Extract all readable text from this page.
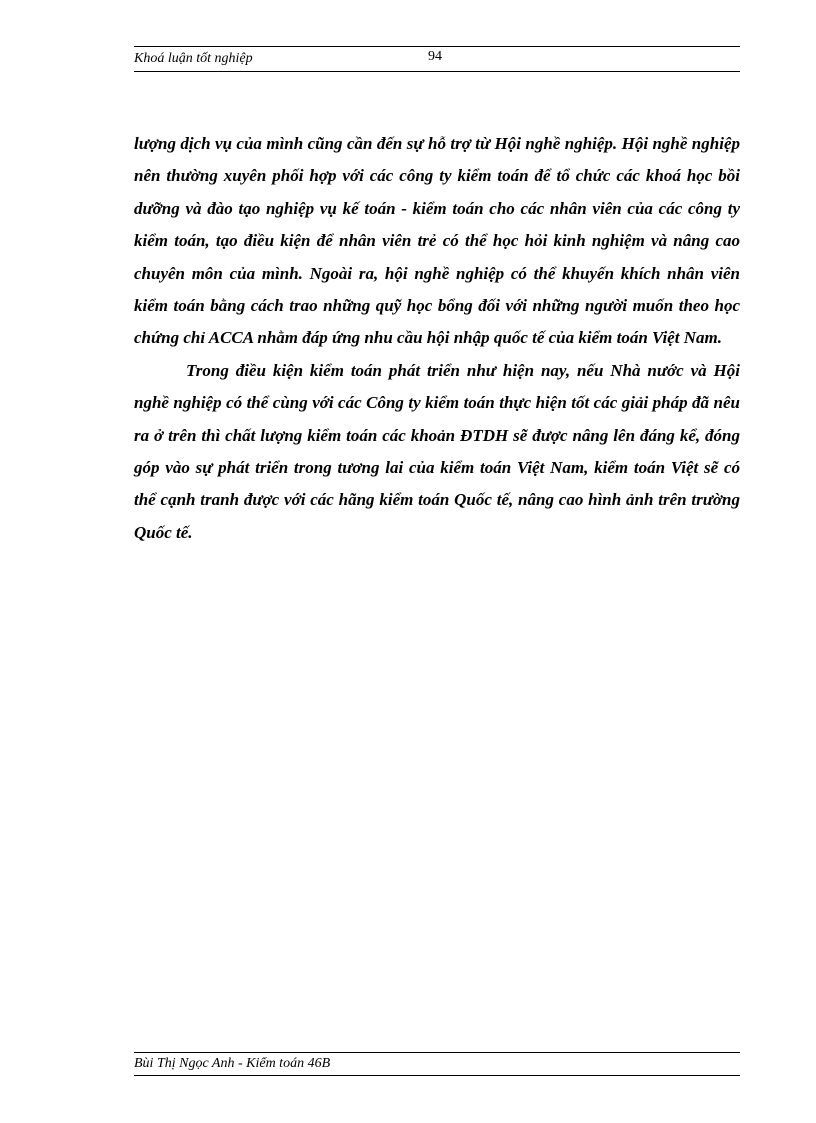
Khoá luận tốt nghiệp	94

lượng dịch vụ của mình cũng cần đến sự hỗ trợ từ Hội nghề nghiệp. Hội nghề nghiệp nên thường xuyên phối hợp với các công ty kiểm toán để tổ chức các khoá học bồi dưỡng và đào tạo nghiệp vụ kế toán - kiểm toán cho các nhân viên của các công ty kiểm toán, tạo điều kiện để nhân viên trẻ có thể học hỏi kinh nghiệm và nâng cao chuyên môn của mình. Ngoài ra, hội nghề nghiệp có thể khuyến khích nhân viên kiểm toán bằng cách trao những quỹ học bổng đối với những người muốn theo học chứng chỉ ACCA nhằm đáp ứng nhu cầu hội nhập quốc tế của kiểm toán Việt Nam.

Trong điều kiện kiểm toán phát triển như hiện nay, nếu Nhà nước và Hội nghề nghiệp có thể cùng với các Công ty kiểm toán thực hiện tốt các giải pháp đã nêu ra ở trên thì chất lượng kiểm toán các khoản ĐTDH sẽ được nâng lên đáng kể, đóng góp vào sự phát triển trong tương lai của kiểm toán Việt Nam, kiểm toán Việt sẽ có thể cạnh tranh được với các hãng kiểm toán Quốc tế, nâng cao hình ảnh trên trường Quốc tế.

Bùi Thị Ngọc Anh - Kiểm toán 46B
